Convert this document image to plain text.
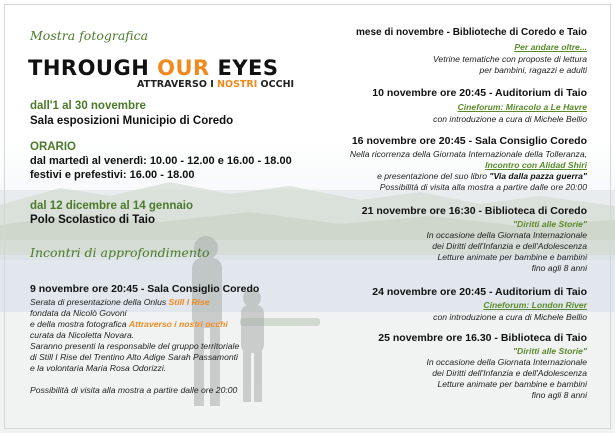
Mostra fotografica
THROUGH OUR EYES
ATTRAVERSO I NOSTRI OCCHI
dall'1 al 30 novembre
Sala esposizioni Municipio di Coredo
ORARIO
dal martedì al venerdì: 10.00 - 12.00 e 16.00 - 18.00
festivi e prefestivi: 16.00 - 18.00
dal 12 dicembre al 14 gennaio
Polo Scolastico di Taio
Incontri di approfondimento
9 novembre ore 20:45 - Sala Consiglio Coredo
Serata di presentazione della Onlus Still I Rise
fondata da Nicolò Govoni
e della mostra fotografica Attraverso i nostri occhi
curata da Nicoletta Novara.
Saranno presenti la responsabile del gruppo territoriale
di Still I Rise del Trentino Alto Adige Sarah Passamonti
e la volontaria Maria Rosa Odorizzi.
Possibilità di visita alla mostra a partire dalle ore 20:00
mese di novembre - Biblioteche di Coredo e Taio
Per andare oltre...
Vetrine tematiche con proposte di lettura
per bambini, ragazzi e adulti
10 novembre ore 20:45 - Auditorium di Taio
Cineforum: Miracolo a Le Havre
con introduzione a cura di Michele Bellio
16 novembre ore 20:45 - Sala Consiglio Coredo
Nella ricorrenza della Giornata Internazionale della Tolleranza,
Incontro con Alidad Shiri
e presentazione del suo libro "Via dalla pazza guerra"
Possibilità di visita alla mostra a partire dalle ore 20:00
21 novembre ore 16:30 - Biblioteca di Coredo
"Diritti alle Storie"
In occasione della Giornata Internazionale
dei Diritti dell'Infanzia e dell'Adolescenza
Letture animate per bambine e bambini
fino agli 8 anni
24 novembre ore 20:45 - Auditorium di Taio
Cineforum: London River
con introduzione a cura di Michele Bellio
25 novembre ore 16.30 - Biblioteca di Taio
"Diritti alle Storie"
In occasione della Giornata Internazionale
dei Diritti dell'Infanzia e dell'Adolescenza
Letture animate per bambine e bambini
fino agli 8 anni
